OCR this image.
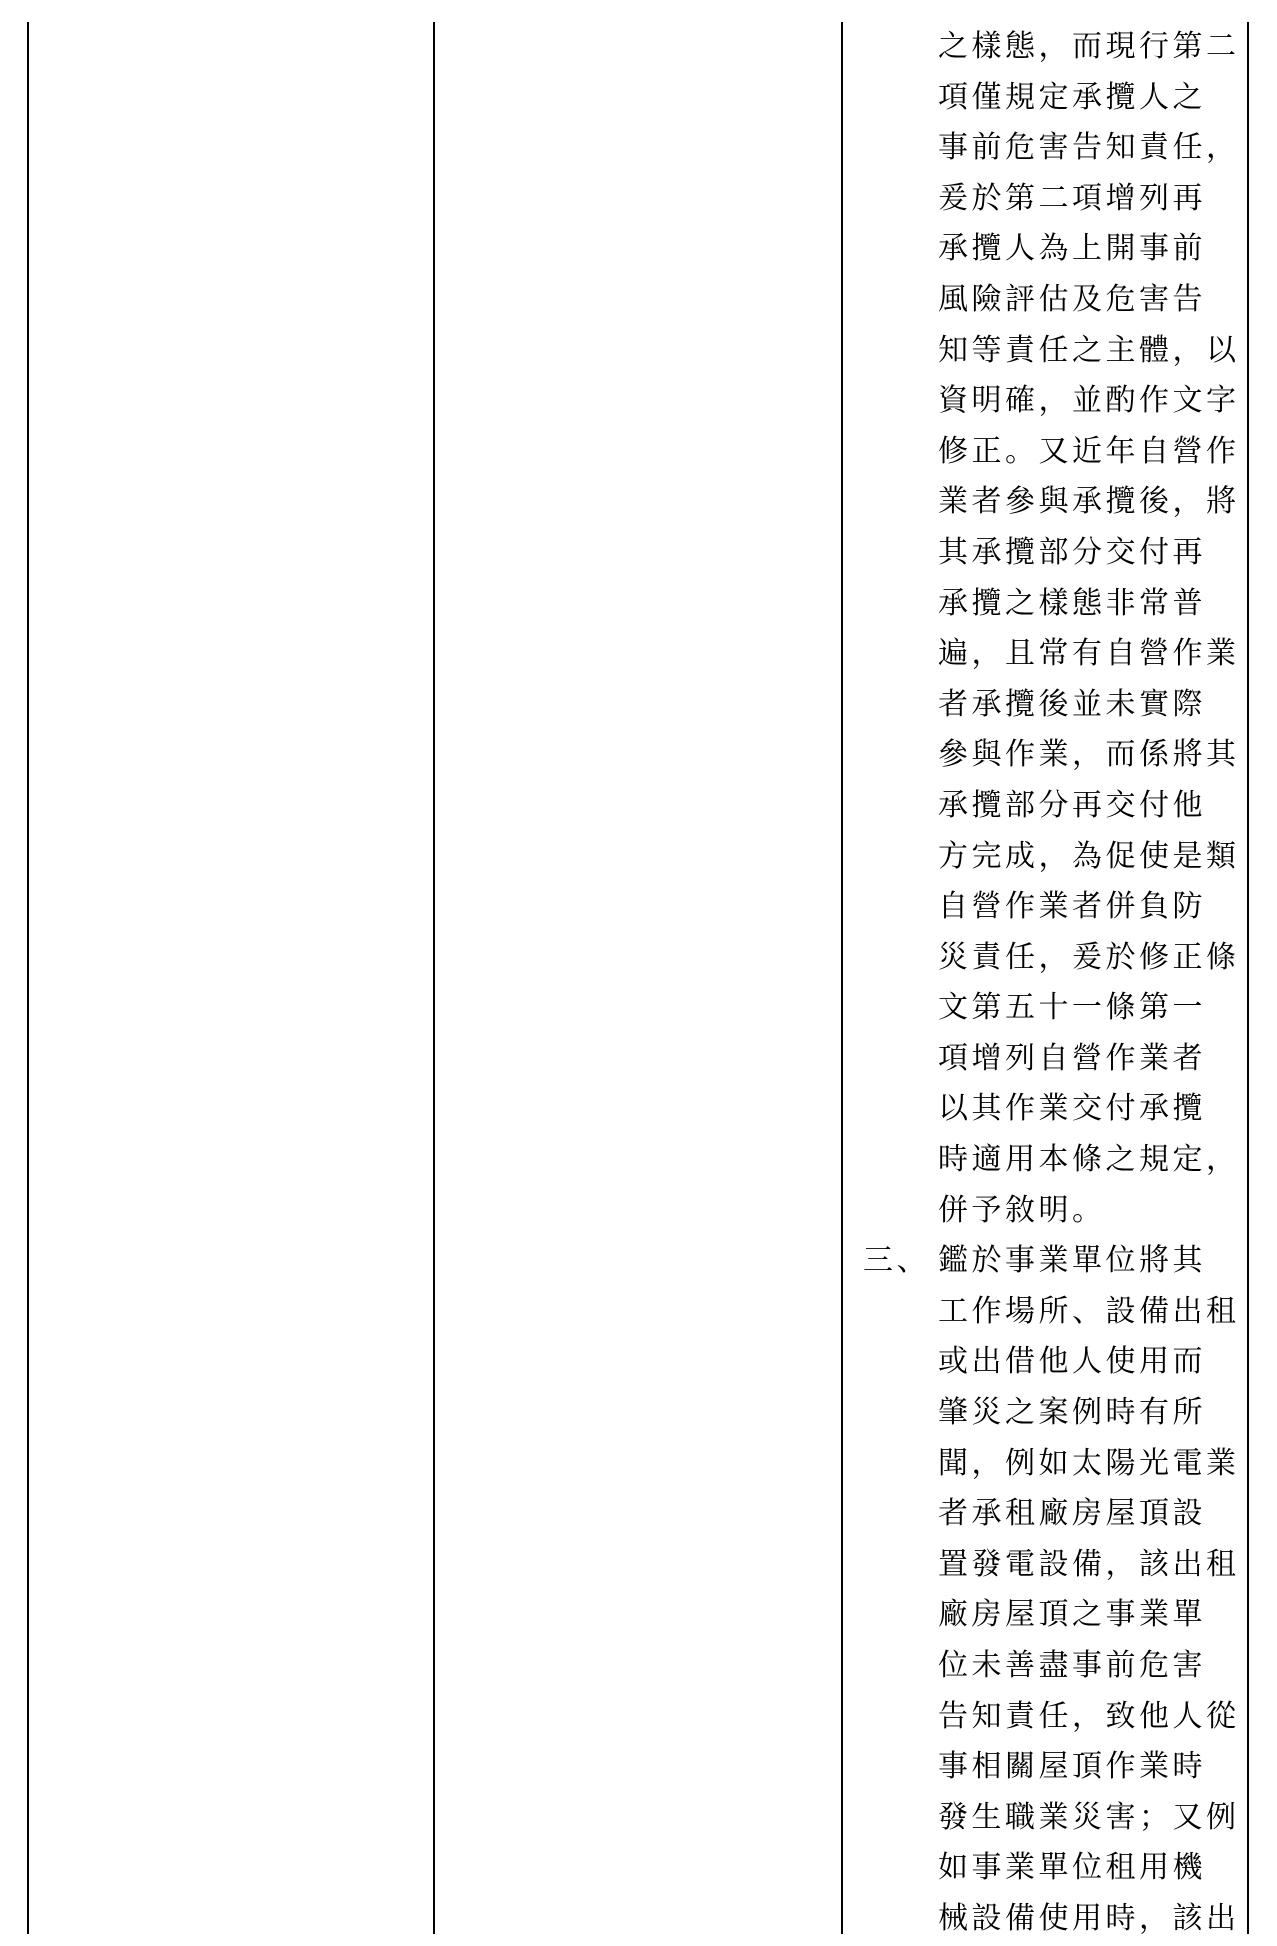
之樣態，而現行第二
項僅規定承攬人之
事前危害告知責任，
爰於第二項增列再
承攬人為上開事前
風險評估及危害告
知等責任之主體，以
資明確，並酌作文字
修正。又近年自營作
業者參與承攬後，將
其承攬部分交付再
承攬之樣態非常普
遍，且常有自營作業
者承攬後並未實際
參與作業，而係將其
承攬部分再交付他
方完成，為促使是類
自營作業者併負防
災責任，爰於修正條
文第五十一條第一
項增列自營作業者
以其作業交付承攬
時適用本條之規定，
併予敘明。
三、 鑑於事業單位將其
工作場所、設備出租
或出借他人使用而
肇災之案例時有所
聞，例如太陽光電業
者承租廠房屋頂設
置發電設備，該出租
廠房屋頂之事業單
位未善盡事前危害
告知責任，致他人從
事相關屋頂作業時
發生職業災害；又例
如事業單位租用機
械設備使用時，該出
